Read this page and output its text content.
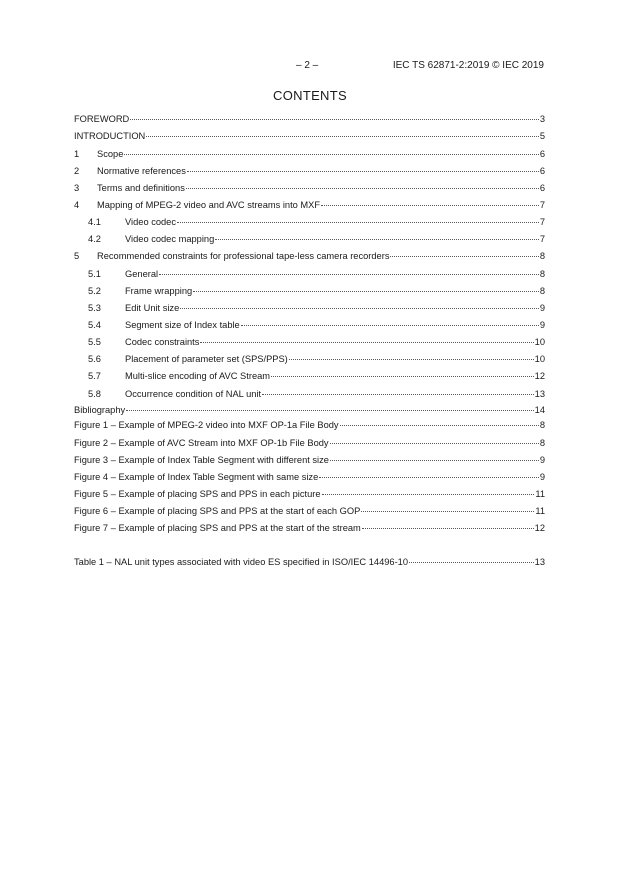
– 2 –	IEC TS 62871-2:2019 © IEC 2019
CONTENTS
FOREWORD	3
INTRODUCTION	5
1	Scope	6
2	Normative references	6
3	Terms and definitions	6
4	Mapping of MPEG-2 video and AVC streams into MXF	7
4.1	Video codec	7
4.2	Video codec mapping	7
5	Recommended constraints for professional tape-less camera recorders	8
5.1	General	8
5.2	Frame wrapping	8
5.3	Edit Unit size	9
5.4	Segment size of Index table	9
5.5	Codec constraints	10
5.6	Placement of parameter set (SPS/PPS)	10
5.7	Multi-slice encoding of AVC Stream	12
5.8	Occurrence condition of NAL unit	13
Bibliography	14
Figure 1 – Example of MPEG-2 video into MXF OP-1a File Body	8
Figure 2 – Example of AVC Stream into MXF OP-1b File Body	8
Figure 3 – Example of Index Table Segment with different size	9
Figure 4 – Example of Index Table Segment with same size	9
Figure 5 – Example of placing SPS and PPS in each picture	11
Figure 6 – Example of placing SPS and PPS at the start of each GOP	11
Figure 7 – Example of placing SPS and PPS at the start of the stream	12
Table 1 – NAL unit types associated with video ES specified in ISO/IEC 14496-10	13
